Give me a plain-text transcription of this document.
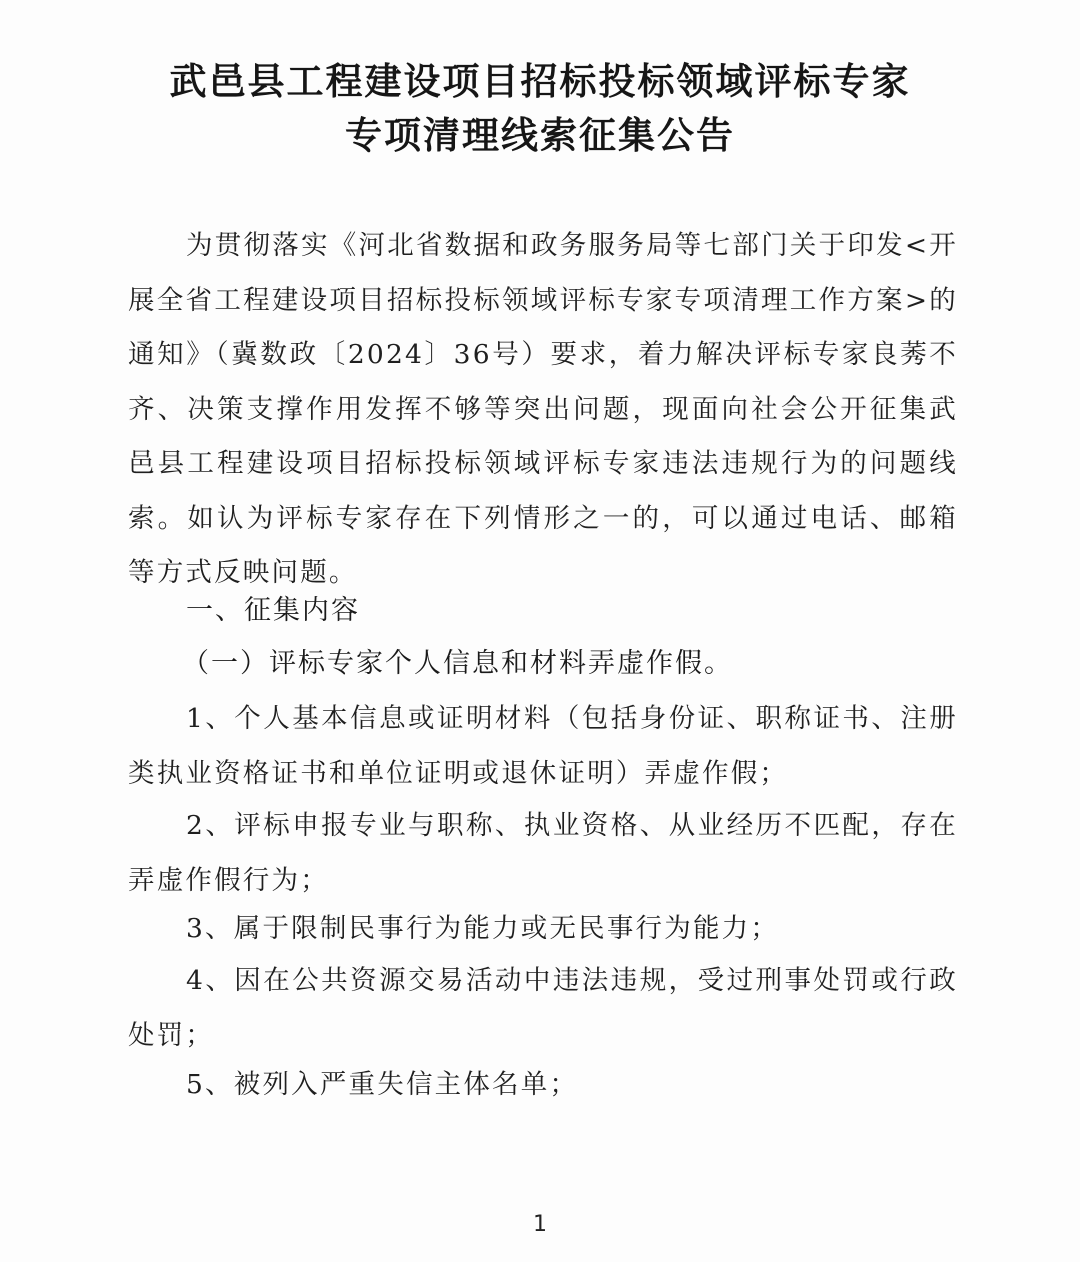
武邑县工程建设项目招标投标领域评标专家
专项清理线索征集公告
为贯彻落实《河北省数据和政务服务局等七部门关于印发<开展全省工程建设项目招标投标领域评标专家专项清理工作方案>的通知》（冀数政〔2024〕36号）要求，着力解决评标专家良莠不齐、决策支撑作用发挥不够等突出问题，现面向社会公开征集武邑县工程建设项目招标投标领域评标专家违法违规行为的问题线索。如认为评标专家存在下列情形之一的，可以通过电话、邮箱等方式反映问题。
一、征集内容
（一）评标专家个人信息和材料弄虚作假。
1、个人基本信息或证明材料（包括身份证、职称证书、注册类执业资格证书和单位证明或退休证明）弄虚作假；
2、评标申报专业与职称、执业资格、从业经历不匹配，存在弄虚作假行为；
3、属于限制民事行为能力或无民事行为能力；
4、因在公共资源交易活动中违法违规，受过刑事处罚或行政处罚；
5、被列入严重失信主体名单；
1
